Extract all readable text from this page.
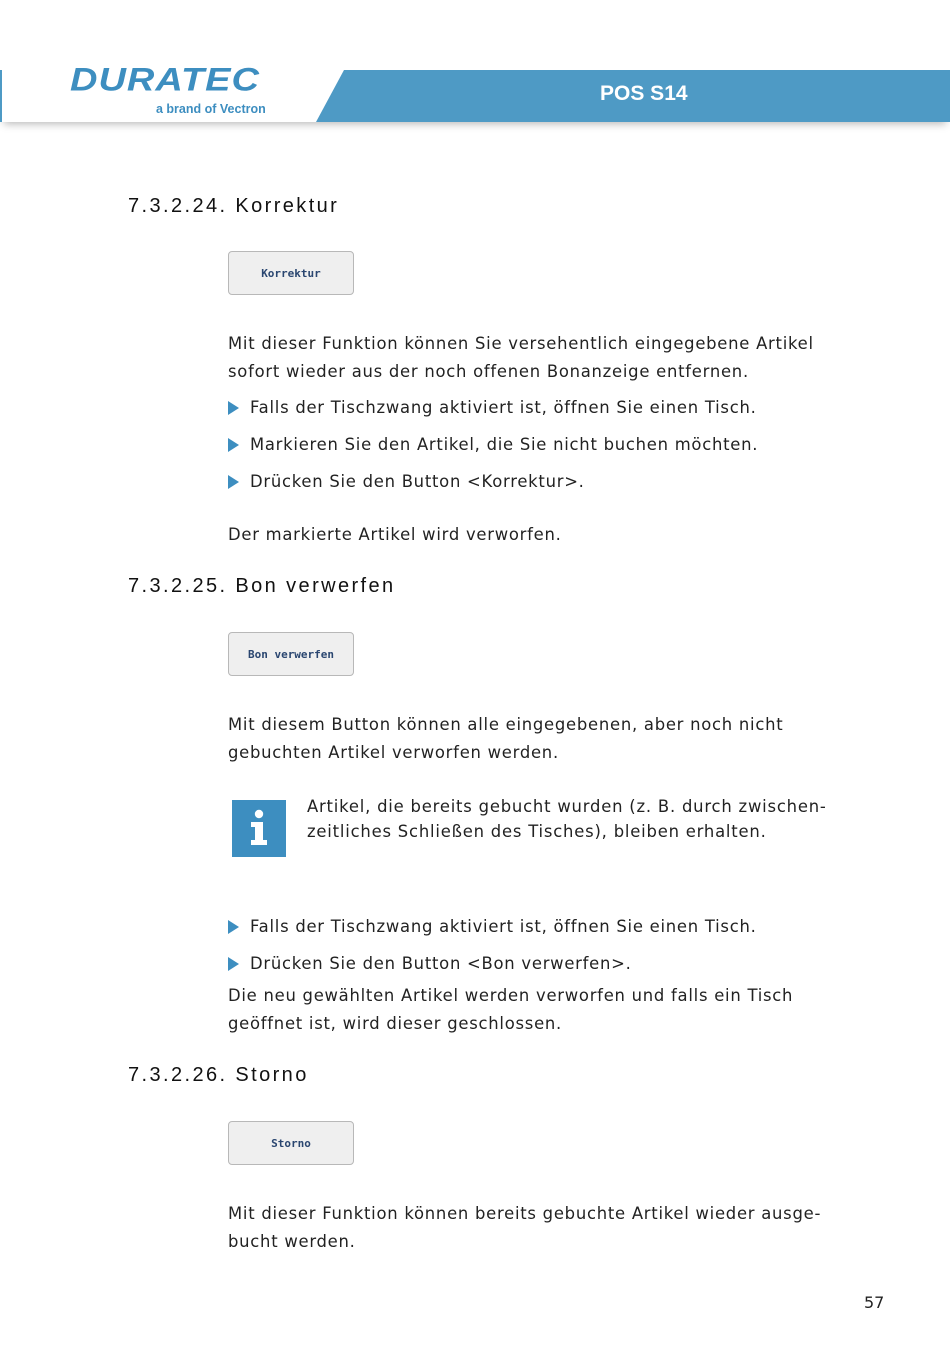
POS S14
DURATEC
a brand of Vectron
7.3.2.24. Korrektur
Korrektur

Mit dieser Funktion können Sie versehentlich eingegebene Artikel
sofort wieder aus der noch offenen Bonanzeige entfernen.

Falls der Tischzwang aktiviert ist, öffnen Sie einen Tisch.
Markieren Sie den Artikel, die Sie nicht buchen möchten.
Drücken Sie den Button <Korrektur>.

Der markierte Artikel wird verworfen.

7.3.2.25. Bon verwerfen
Bon verwerfen

Mit diesem Button können alle eingegebenen, aber noch nicht
gebuchten Artikel verworfen werden.

Artikel, die bereits gebucht wurden (z. B. durch zwischen-
zeitliches Schließen des Tisches), bleiben erhalten.

Falls der Tischzwang aktiviert ist, öffnen Sie einen Tisch.
Drücken Sie den Button <Bon verwerfen>.

Die neu gewählten Artikel werden verworfen und falls ein Tisch
geöffnet ist, wird dieser geschlossen.

7.3.2.26. Storno
Storno

Mit dieser Funktion können bereits gebuchte Artikel wieder ausge-
bucht werden.

57
